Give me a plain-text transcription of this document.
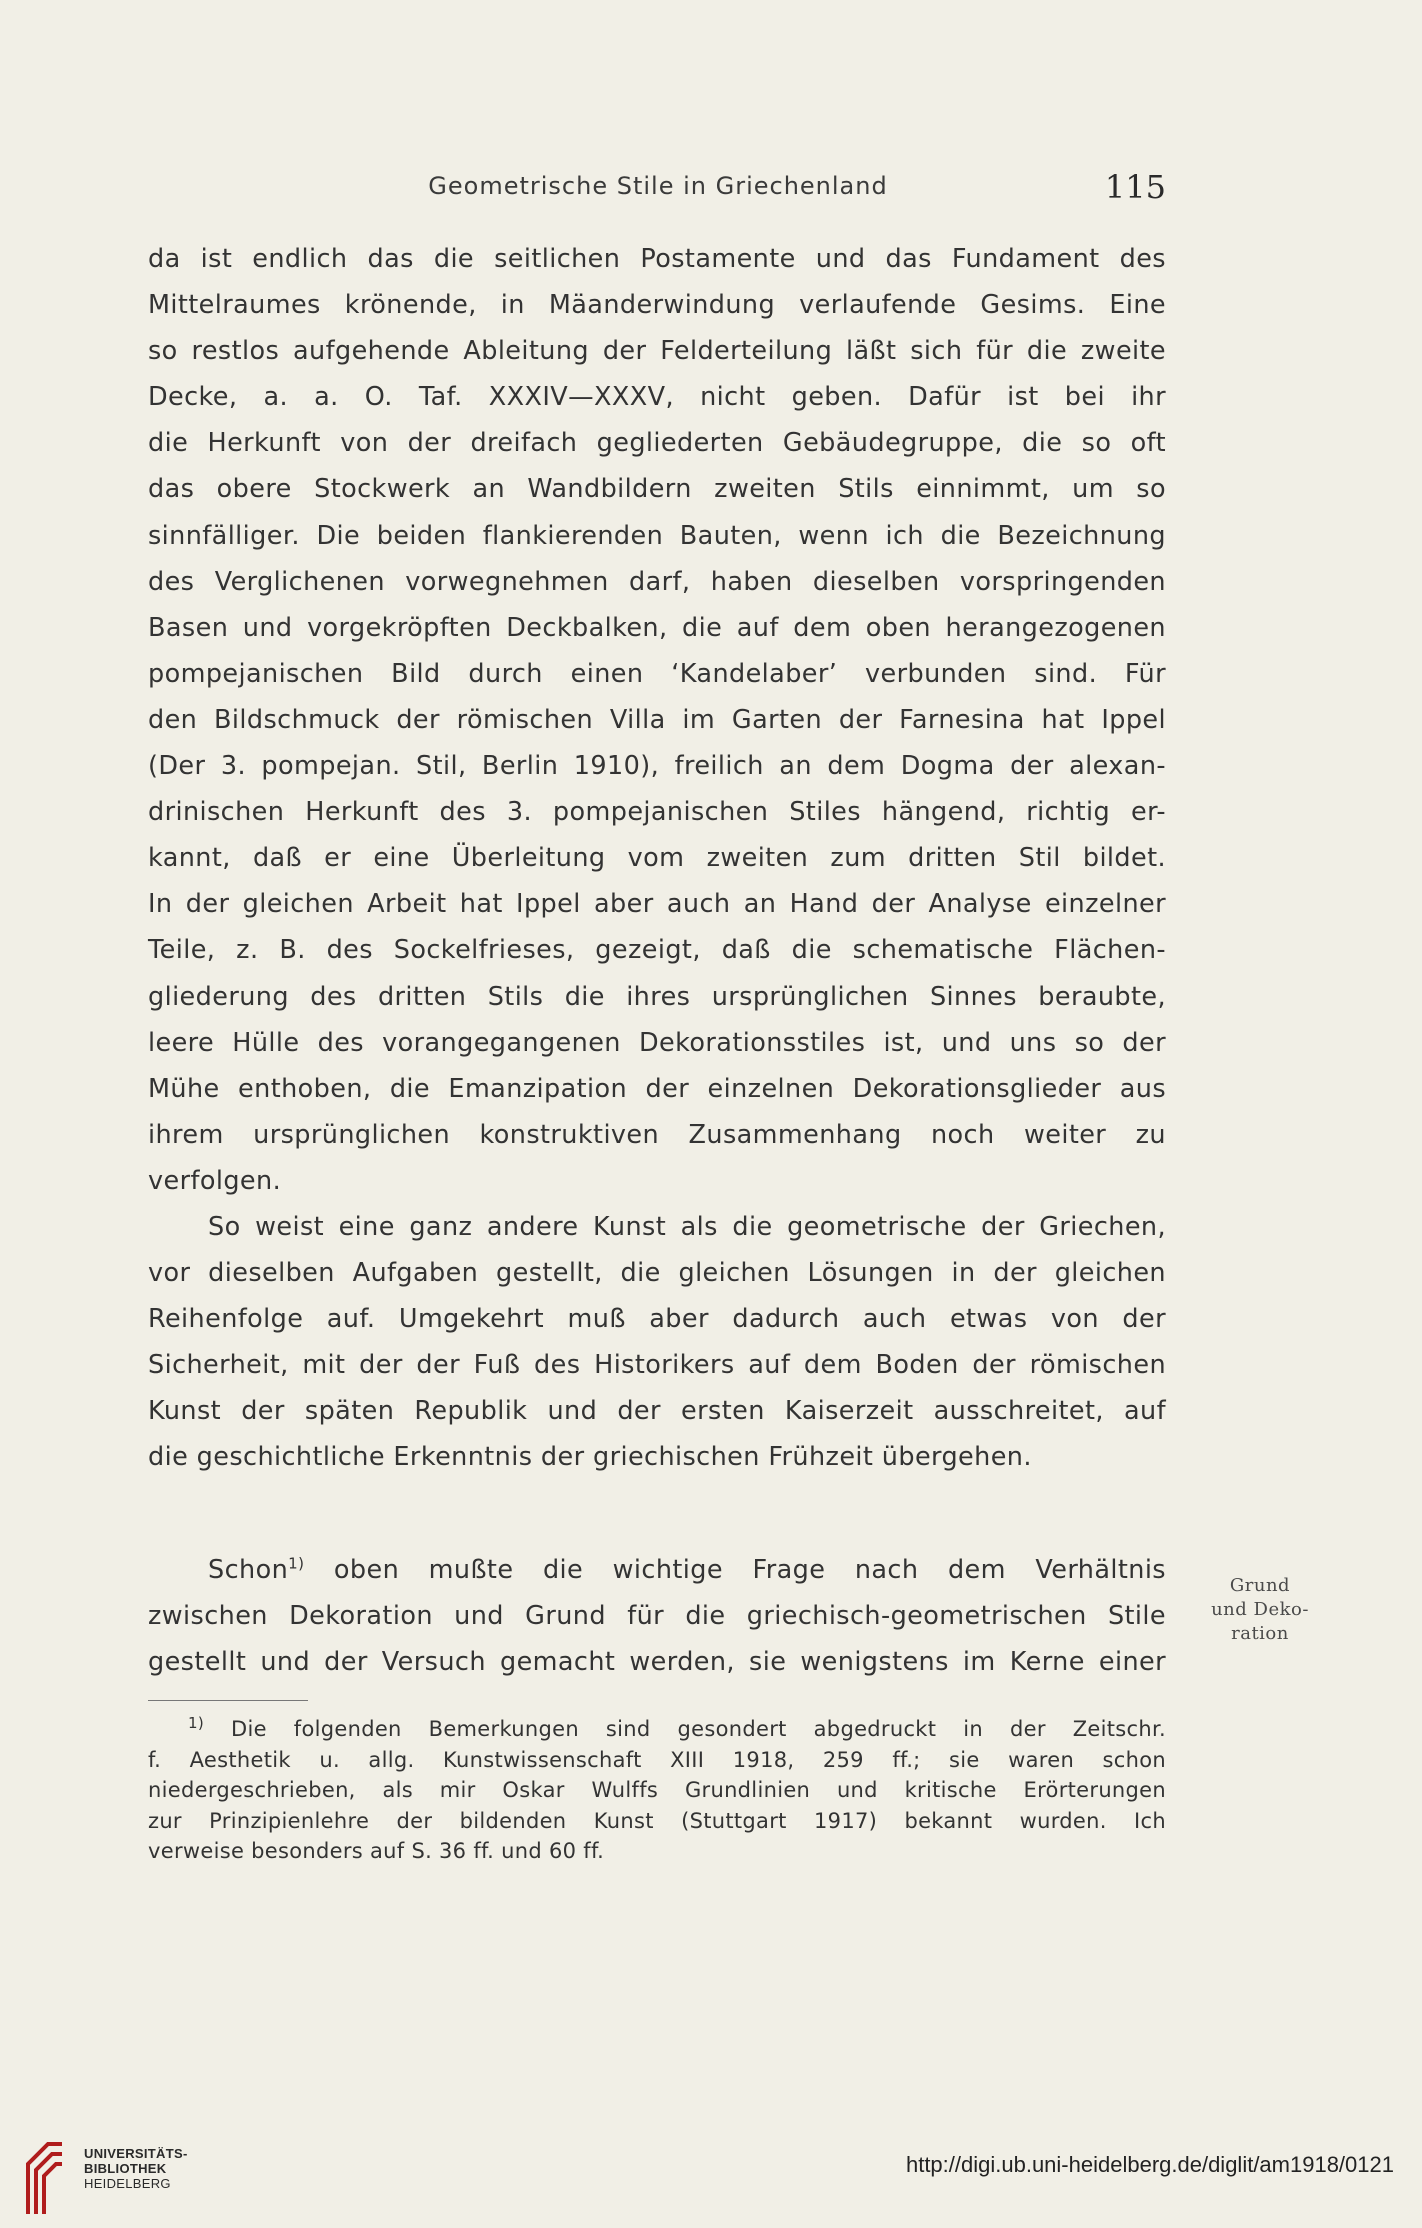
Geometrische Stile in Griechenland	115
da ist endlich das die seitlichen Postamente und das Fundament des
Mittelraumes krönende, in Mäanderwindung verlaufende Gesims. Eine
so restlos aufgehende Ableitung der Felderteilung läßt sich für die zweite
Decke, a. a. O. Taf. XXXIV—XXXV, nicht geben. Dafür ist bei ihr
die Herkunft von der dreifach gegliederten Gebäudegruppe, die so oft
das obere Stockwerk an Wandbildern zweiten Stils einnimmt, um so
sinnfälliger. Die beiden flankierenden Bauten, wenn ich die Bezeichnung
des Verglichenen vorwegnehmen darf, haben dieselben vorspringenden
Basen und vorgekröpften Deckbalken, die auf dem oben herangezogenen
pompejanischen Bild durch einen ‘Kandelaber’ verbunden sind. Für
den Bildschmuck der römischen Villa im Garten der Farnesina hat Ippel
(Der 3. pompejan. Stil, Berlin 1910), freilich an dem Dogma der alexan-
drinischen Herkunft des 3. pompejanischen Stiles hängend, richtig er-
kannt, daß er eine Überleitung vom zweiten zum dritten Stil bildet.
In der gleichen Arbeit hat Ippel aber auch an Hand der Analyse einzelner
Teile, z. B. des Sockelfrieses, gezeigt, daß die schematische Flächen-
gliederung des dritten Stils die ihres ursprünglichen Sinnes beraubte,
leere Hülle des vorangegangenen Dekorationsstiles ist, und uns so der
Mühe enthoben, die Emanzipation der einzelnen Dekorationsglieder aus
ihrem ursprünglichen konstruktiven Zusammenhang noch weiter zu
verfolgen.
So weist eine ganz andere Kunst als die geometrische der Griechen,
vor dieselben Aufgaben gestellt, die gleichen Lösungen in der gleichen
Reihenfolge auf. Umgekehrt muß aber dadurch auch etwas von der
Sicherheit, mit der der Fuß des Historikers auf dem Boden der römischen
Kunst der späten Republik und der ersten Kaiserzeit ausschreitet, auf
die geschichtliche Erkenntnis der griechischen Frühzeit übergehen.
Schon$^{1)}$ oben mußte die wichtige Frage nach dem Verhältnis
zwischen Dekoration und Grund für die griechisch-geometrischen Stile
gestellt und der Versuch gemacht werden, sie wenigstens im Kerne einer
Grund
und Deko-
ration
$^{1)}$ Die folgenden Bemerkungen sind gesondert abgedruckt in der Zeitschr.
f. Aesthetik u. allg. Kunstwissenschaft XIII 1918, 259 ff.; sie waren schon
niedergeschrieben, als mir Oskar Wulffs Grundlinien und kritische Erörterungen
zur Prinzipienlehre der bildenden Kunst (Stuttgart 1917) bekannt wurden. Ich
verweise besonders auf S. 36 ff. und 60 ff.
UNIVERSITÄTS-
BIBLIOTHEK
HEIDELBERG
http://digi.ub.uni-heidelberg.de/diglit/am1918/0121
